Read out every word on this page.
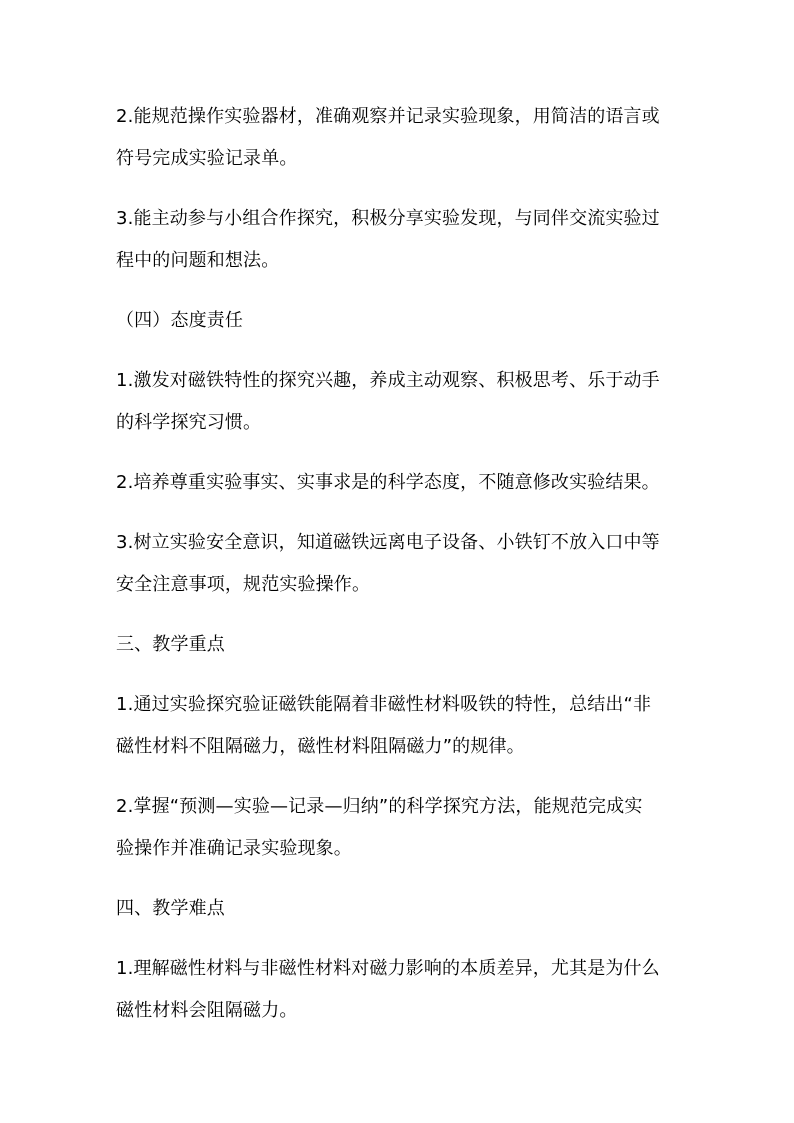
2.能规范操作实验器材，准确观察并记录实验现象，用简洁的语言或
符号完成实验记录单。

3.能主动参与小组合作探究，积极分享实验发现，与同伴交流实验过
程中的问题和想法。

（四）态度责任

1.激发对磁铁特性的探究兴趣，养成主动观察、积极思考、乐于动手
的科学探究习惯。

2.培养尊重实验事实、实事求是的科学态度，不随意修改实验结果。

3.树立实验安全意识，知道磁铁远离电子设备、小铁钉不放入口中等
安全注意事项，规范实验操作。

三、教学重点

1.通过实验探究验证磁铁能隔着非磁性材料吸铁的特性，总结出“非
磁性材料不阻隔磁力，磁性材料阻隔磁力”的规律。

2.掌握“预测—实验—记录—归纳”的科学探究方法，能规范完成实
验操作并准确记录实验现象。

四、教学难点

1.理解磁性材料与非磁性材料对磁力影响的本质差异，尤其是为什么
磁性材料会阻隔磁力。
